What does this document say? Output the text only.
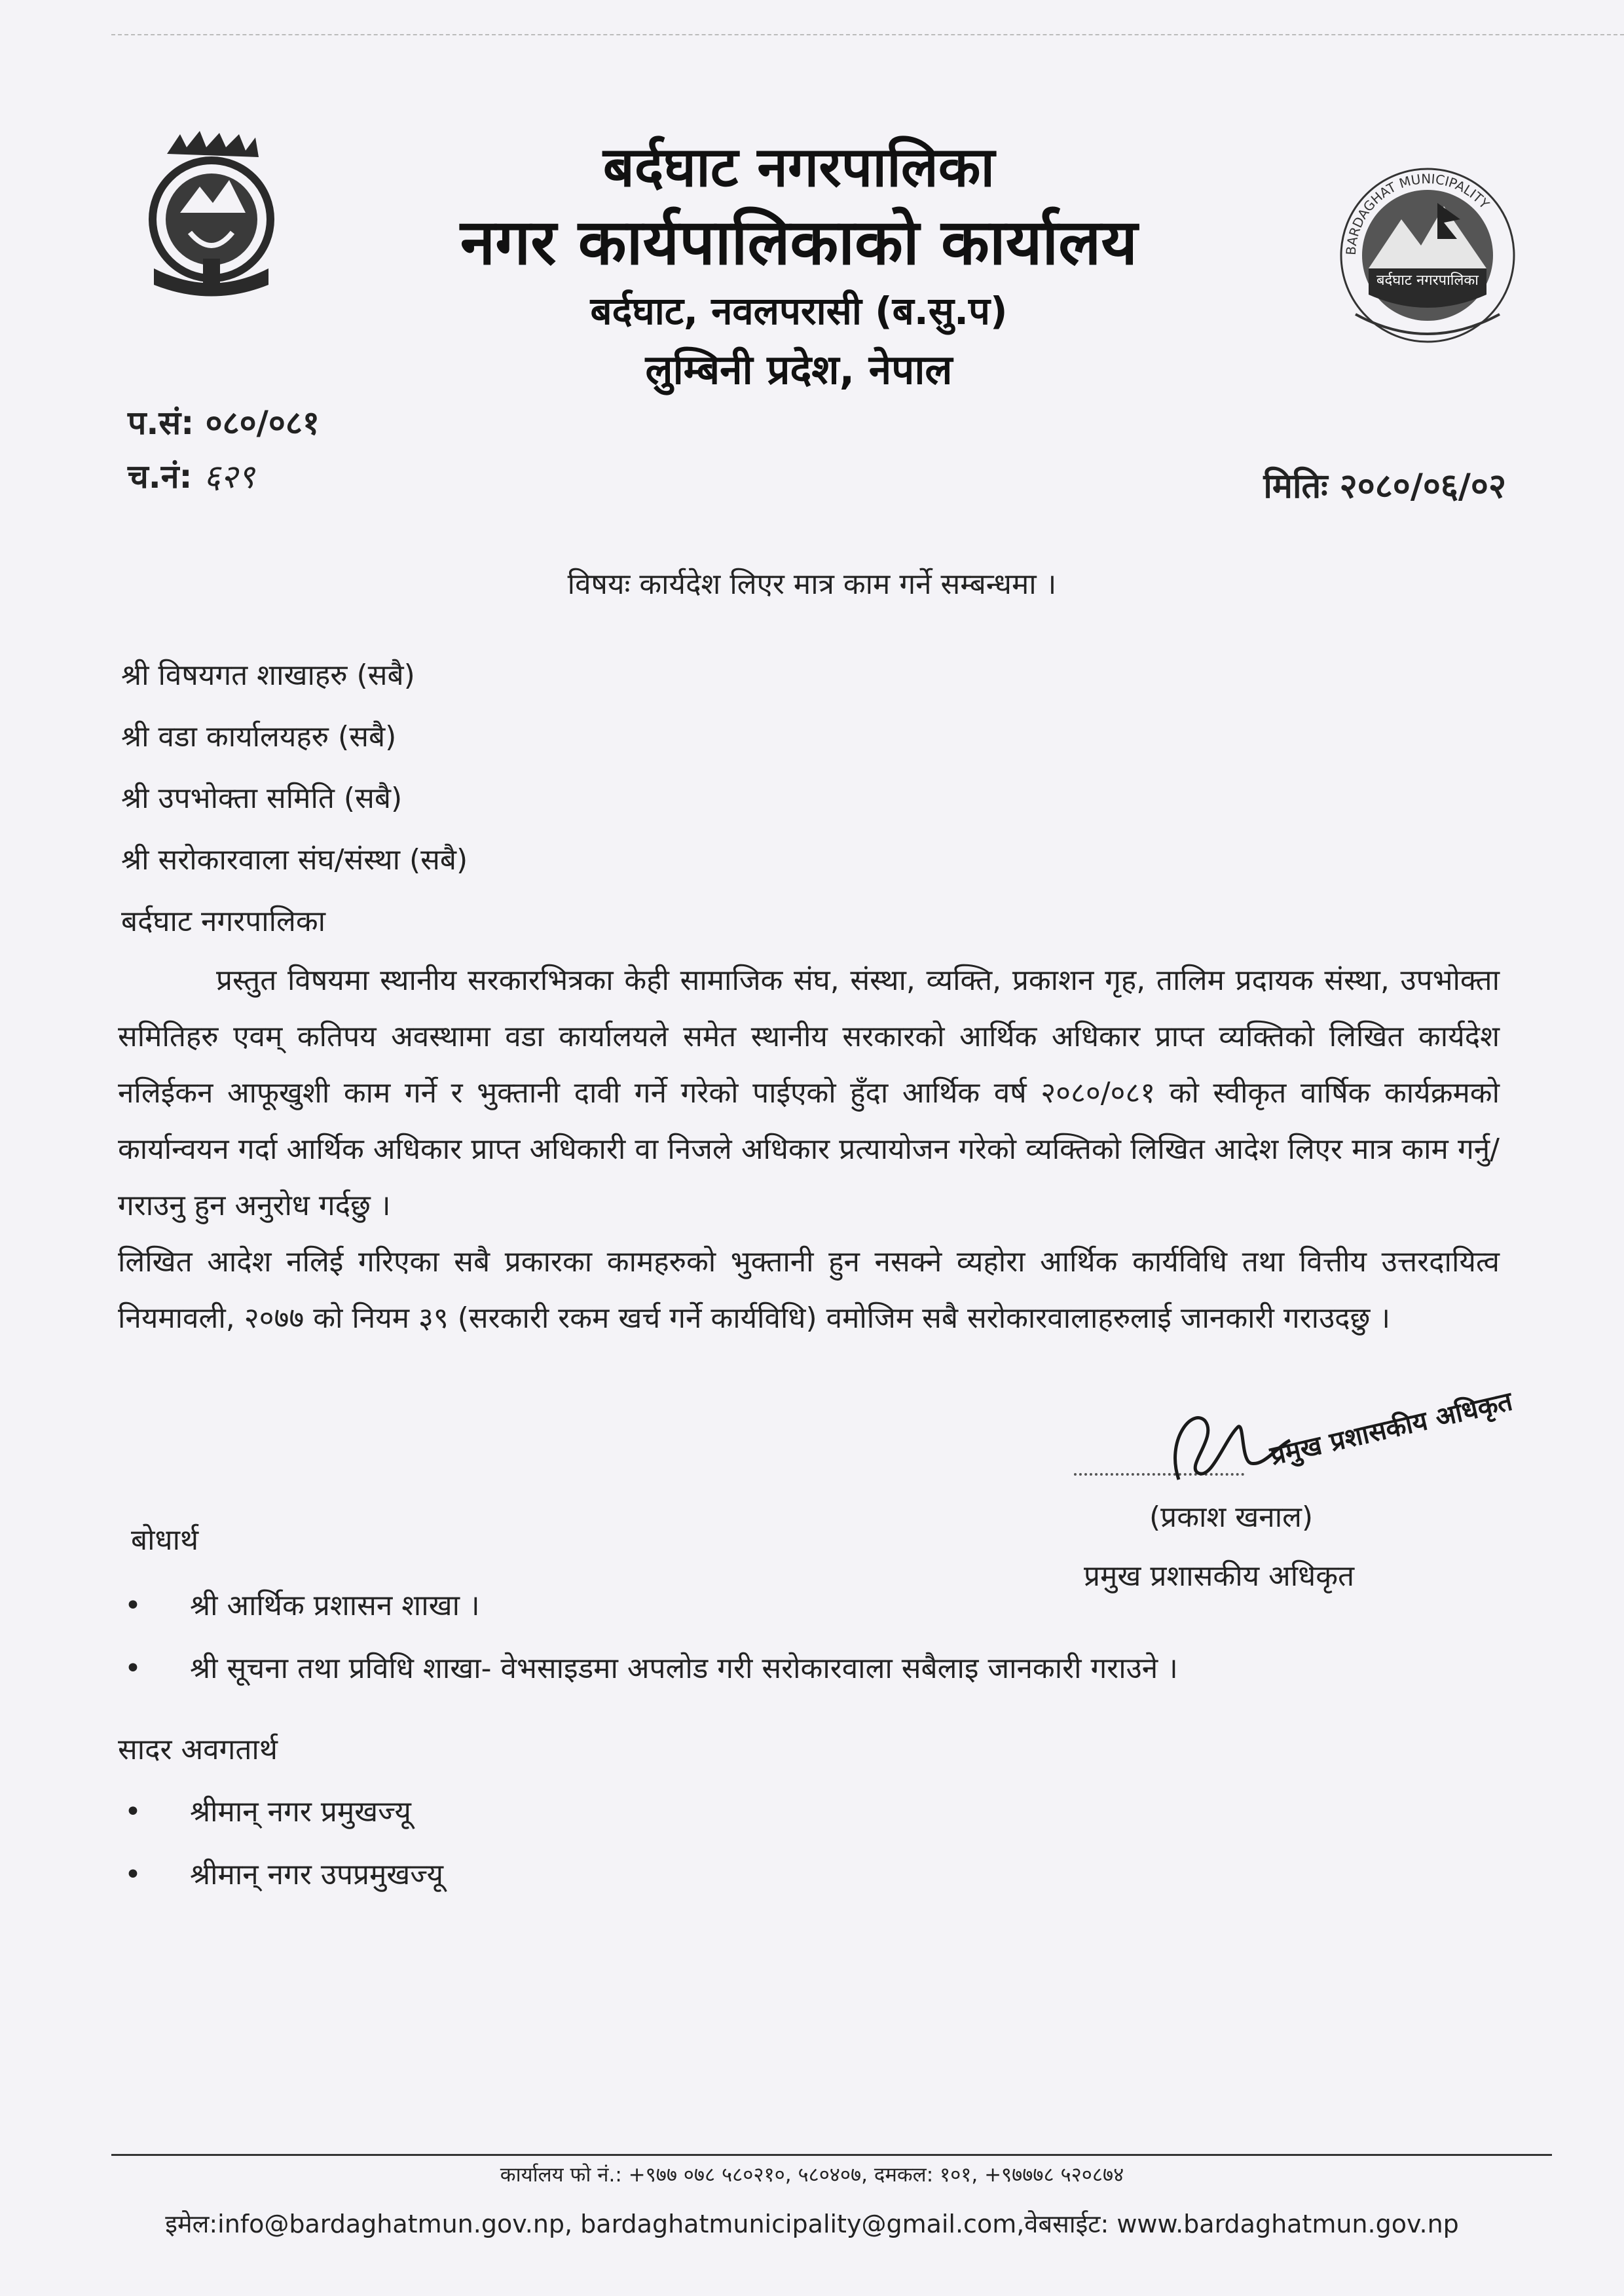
BARDAGHAT MUNICIPALITY
बर्दघाट नगरपालिका
बर्दघाट नगरपालिका
नगर कार्यपालिकाको कार्यालय
बर्दघाट, नवलपरासी (ब.सु.प)
लुम्बिनी प्रदेश, नेपाल
प.सं: ०८०/०८१
च.नं: ६२९	मितिः २०८०/०६/०२
विषयः कार्यदेश लिएर मात्र काम गर्ने सम्बन्धमा ।
श्री विषयगत शाखाहरु (सबै)
श्री वडा कार्यालयहरु (सबै)
श्री उपभोक्ता समिति (सबै)
श्री सरोकारवाला संघ/संस्था (सबै)
बर्दघाट नगरपालिका

प्रस्तुत विषयमा स्थानीय सरकारभित्रका केही सामाजिक संघ, संस्था, व्यक्ति, प्रकाशन गृह, तालिम प्रदायक संस्था, उपभोक्ता समितिहरु एवम् कतिपय अवस्थामा वडा कार्यालयले समेत स्थानीय सरकारको आर्थिक अधिकार प्राप्त व्यक्तिको लिखित कार्यदेश नलिईकन आफूखुशी काम गर्ने र भुक्तानी दावी गर्ने गरेको पाईएको हुँदा आर्थिक वर्ष २०८०/०८१ को स्वीकृत वार्षिक कार्यक्रमको कार्यान्वयन गर्दा आर्थिक अधिकार प्राप्त अधिकारी वा निजले अधिकार प्रत्यायोजन गरेको व्यक्तिको लिखित आदेश लिएर मात्र काम गर्नु/गराउनु हुन अनुरोध गर्दछु ।

लिखित आदेश नलिई गरिएका सबै प्रकारका कामहरुको भुक्तानी हुन नसक्ने व्यहोरा आर्थिक कार्यविधि तथा वित्तीय उत्तरदायित्व नियमावली, २०७७ को नियम ३९ (सरकारी रकम खर्च गर्ने कार्यविधि) वमोजिम सबै सरोकारवालाहरुलाई जानकारी गराउदछु ।

प्रमुख प्रशासकीय अधिकृत
(प्रकाश खनाल)
प्रमुख प्रशासकीय अधिकृत
बोधार्थ
• श्री आर्थिक प्रशासन शाखा ।
• श्री सूचना तथा प्रविधि शाखा- वेभसाइडमा अपलोड गरी सरोकारवाला सबैलाइ जानकारी गराउने ।
सादर अवगतार्थ
• श्रीमान् नगर प्रमुखज्यू
• श्रीमान् नगर उपप्रमुखज्यू
कार्यालय फो नं.: +९७७ ०७८ ५८०२१०, ५८०४०७, दमकल: १०१, +९७७७८ ५२०८७४
इमेल:info@bardaghatmun.gov.np, bardaghatmunicipality@gmail.com,वेबसाईट: www.bardaghatmun.gov.np
